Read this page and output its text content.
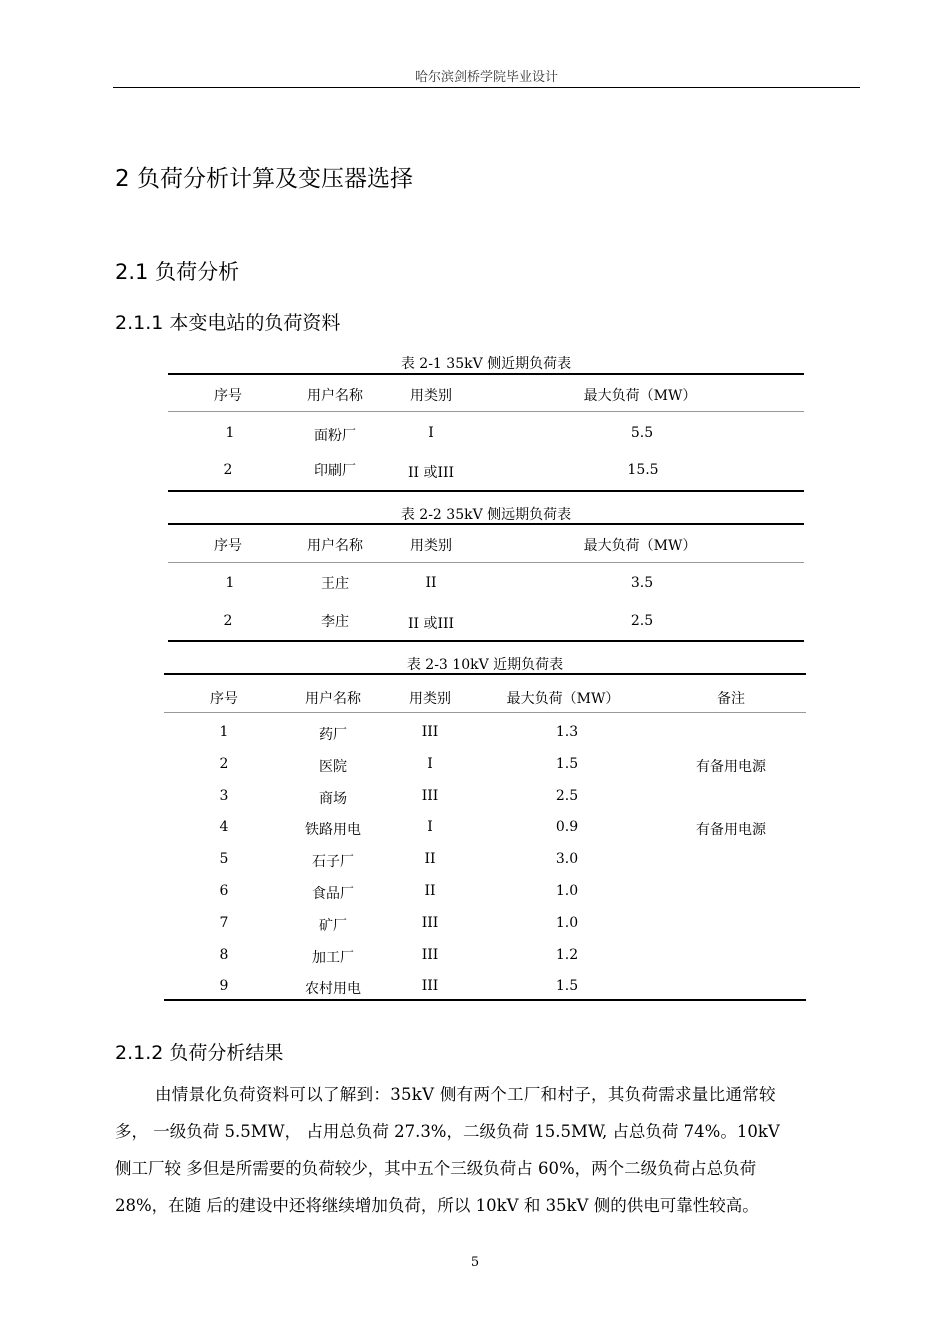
哈尔滨剑桥学院毕业设计
2 负荷分析计算及变压器选择
2.1 负荷分析
2.1.1 本变电站的负荷资料
表 2-1 35kV 侧近期负荷表
序号	用户名称	用类别	最大负荷（MW）
1	面粉厂	I	5.5
2	印刷厂	II 或III	15.5
表 2-2 35kV 侧远期负荷表
序号	用户名称	用类别	最大负荷（MW）
1	王庄	II	3.5
2	李庄	II 或III	2.5
表 2-3 10kV 近期负荷表
序号	用户名称	用类别	最大负荷（MW）	备注
1	药厂	III	1.3
2	医院	I	1.5	有备用电源
3	商场	III	2.5
4	铁路用电	I	0.9	有备用电源
5	石子厂	II	3.0
6	食品厂	II	1.0
7	矿厂	III	1.0
8	加工厂	III	1.2
9	农村用电	III	1.5
2.1.2 负荷分析结果

由情景化负荷资料可以了解到：35kV 侧有两个工厂和村子，其负荷需求量比通常较

多， 一级负荷 5.5MW， 占用总负荷 27.3%，二级负荷 15.5MW, 占总负荷 74%。10kV

侧工厂较 多但是所需要的负荷较少，其中五个三级负荷占 60%，两个二级负荷占总负荷

28%，在随 后的建设中还将继续增加负荷，所以 10kV 和 35kV 侧的供电可靠性较高。

5
